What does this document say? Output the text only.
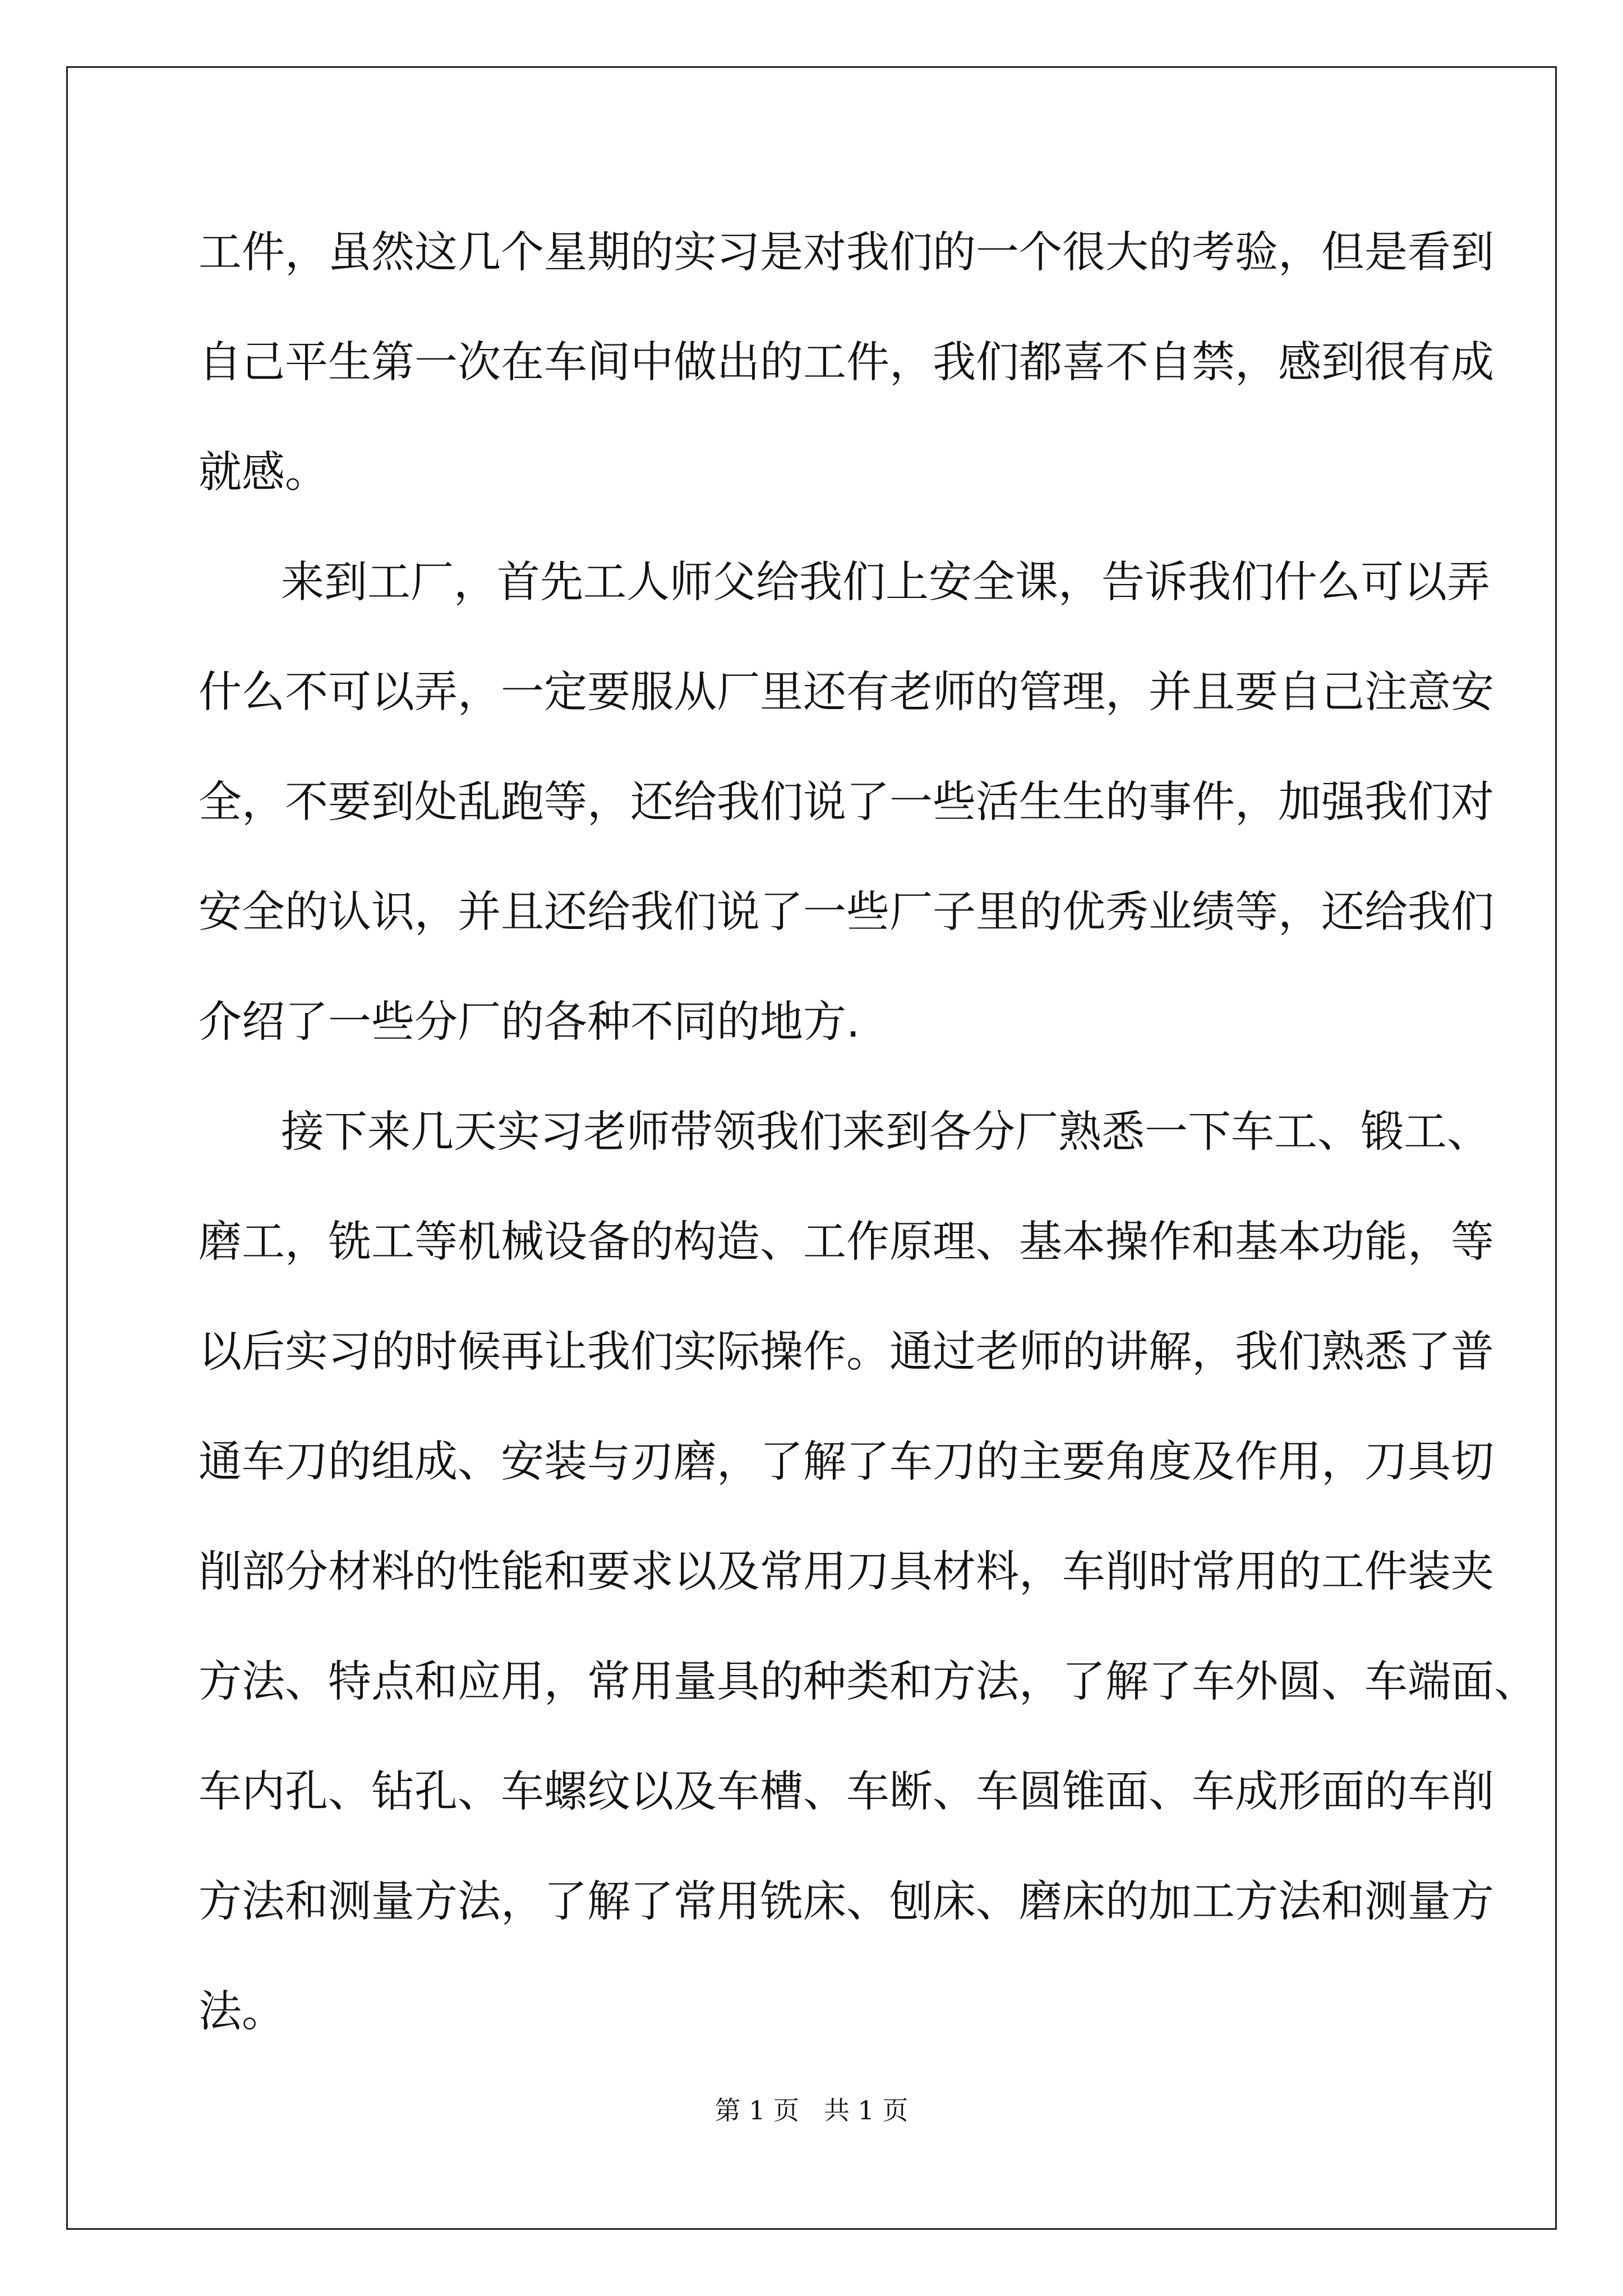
工件，虽然这几个星期的实习是对我们的一个很大的考验，但是看到
自己平生第一次在车间中做出的工件，我们都喜不自禁，感到很有成
就感。
来到工厂，首先工人师父给我们上安全课，告诉我们什么可以弄
什么不可以弄，一定要服从厂里还有老师的管理，并且要自己注意安
全，不要到处乱跑等，还给我们说了一些活生生的事件，加强我们对
安全的认识，并且还给我们说了一些厂子里的优秀业绩等，还给我们
介绍了一些分厂的各种不同的地方.
接下来几天实习老师带领我们来到各分厂熟悉一下车工、锻工、
磨工，铣工等机械设备的构造、工作原理、基本操作和基本功能，等
以后实习的时候再让我们实际操作。通过老师的讲解，我们熟悉了普
通车刀的组成、安装与刃磨，了解了车刀的主要角度及作用，刀具切
削部分材料的性能和要求以及常用刀具材料，车削时常用的工件装夹
方法、特点和应用，常用量具的种类和方法，了解了车外圆、车端面、
车内孔、钻孔、车螺纹以及车槽、车断、车圆锥面、车成形面的车削
方法和测量方法，了解了常用铣床、刨床、磨床的加工方法和测量方
法。
第 1 页 共 1 页
